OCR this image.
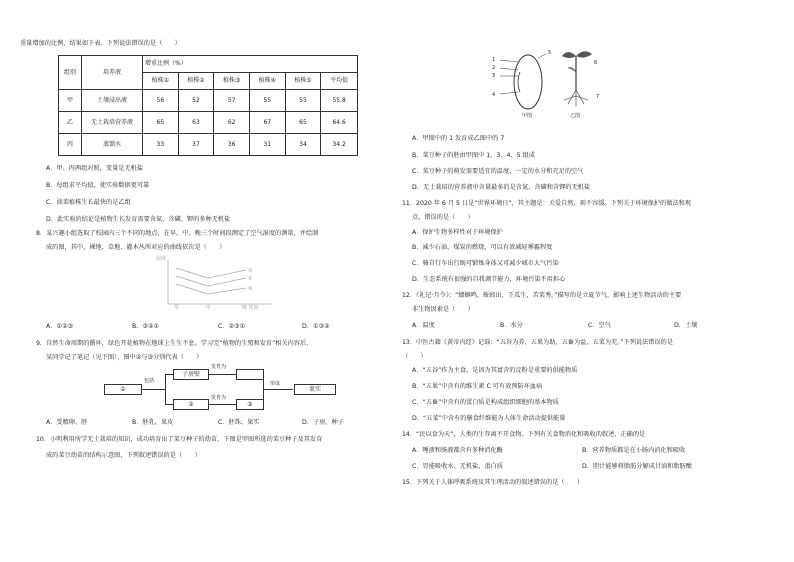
重量增加的比例，结果如下表。下列说法错误的是（　　）
组别	培养液	增重比例（%）					
		植株①	植株②	植株③	植株④	植株⑤	平均值
甲	土壤浸出液	56	52	57	55	55	55.8
乙	无土栽培营养液	65	63	62	67	65	64.6
丙	蒸馏水	33	37	36	31	34	34.2
A．甲、丙两组对照，变量是无机盐
B．每组求平均值，使实验数据更可靠
C．油菜植株生长最快的是乙组
D．此实验的结论是植物生长发育需要含氮、含磷、钾的多种无机盐
8．某兴趣小组选取了校园内三个不同的地点，在早、中、晚三个时间段测定了空气湿度的测量，并绘制
成的图，其中，裸地、草地、灌木丛所对应的曲线依次是（　　）
湿度
①
②
③
早	中	晚 时间
A．①②③	B．③②①	C．②③①	D．①③②
9．自然生命周期的循环，绿色开花植物在地球上生生不息。学习完“植物的生殖和发育”相关内容后，
某同学记了笔记（见下图），图中②与③分别代表（　　）
①
包括
子房壁
②
发育为
发育为
③
形成
果实
A．受精卵、胚	B．胚乳、果皮	C．胚珠、果实	D．子房、种子
10．小明利用所学无土栽培的知识，成功培育出了菜豆种子的幼苗，下图是甲图所选的菜豆种子及其发育
成的菜豆幼苗的结构示意图，下列叙述错误的是（　　）
1
2
3
4
5
6
7
甲图	乙图
A．甲图中的 1 发育成乙图中的 7
B．菜豆种子的胚由甲图中 1、3、4、5 组成
C．菜豆种子的萌发需要适宜的温度、一定的水分和充足的空气
D．无土栽培的营养液中含量最多的是含氮、含磷和含钾的无机盐
11．2020 年 6 月 5 日是“世界环境日”，其主题是：关爱自然，刻不容缓。下列关于环境保护的做法和观
点，错误的是（　　）
A．保护生物多样性对于环境保护
B．减少石油、煤炭的燃烧，可以有效减轻雾霾程度
C．骑自行车出行既可锻炼身体又可减少城市大气污染
D．生态系统有很强的自我调节能力，环境污染不用担心
12．《礼记·月令》：“蝼蝈鸣，蚯蚓出，王瓜生，苦菜秀。”描写的是立夏节气，影响上述生物活动的主要
非生物因素是（　　）
A．温度	B．水分	C．空气	D．土壤
13．中医古籍《黄帝内经》记载：“五谷为养，五果为助，五畜为益，五菜为充。”下列说法错误的是
（　　）
A．“五谷”作为主食，是因为其富含的淀粉是重要的供能物质
B．“五果”中含有的维生素 C 可有效预防坏血病
C．“五畜”中含有的蛋白质是构成组织细胞的基本物质
D．“五菜”中含有的膳食纤维能为人体生命活动提供能量
14．“民以食为天”，人类的生存离不开食物。下列有关食物消化和吸收的叙述，正确的是
A．唾液和肠液都含有多种消化酶	B．营养物质都是在小肠内消化和吸收
C．胃能吸收水、无机盐、蛋白质	D．胆汁能够将脂肪分解成甘油和脂肪酸
15．下列关于人体呼吸系统及其生理活动的叙述错误的是（　　）
